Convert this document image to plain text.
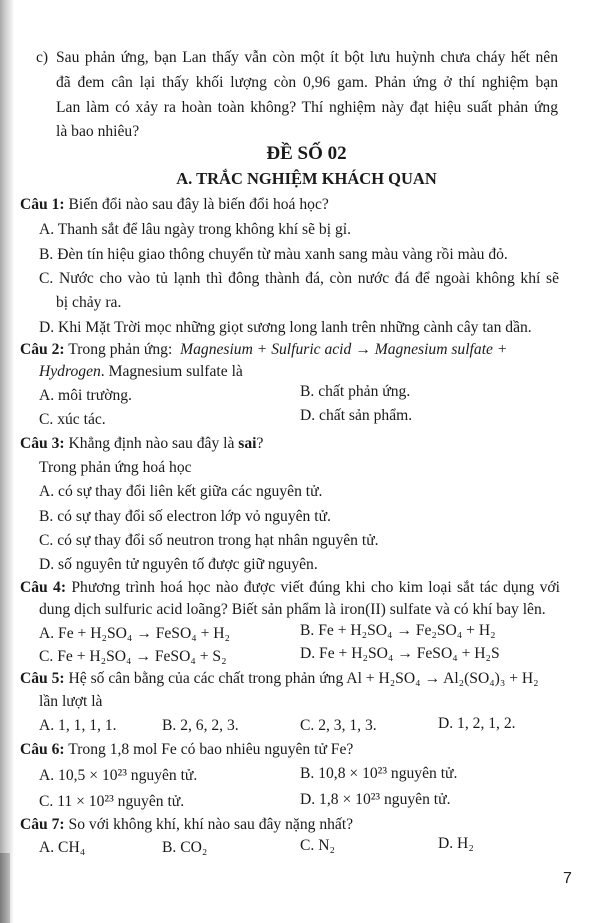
c) Sau phản ứng, bạn Lan thấy vẫn còn một ít bột lưu huỳnh chưa cháy hết nên
đã đem cân lại thấy khối lượng còn 0,96 gam. Phản ứng ở thí nghiệm bạn
Lan làm có xảy ra hoàn toàn không? Thí nghiệm này đạt hiệu suất phản ứng
là bao nhiêu?
ĐỀ SỐ 02
A. TRẮC NGHIỆM KHÁCH QUAN
Câu 1: Biến đổi nào sau đây là biến đổi hoá học?
A. Thanh sắt để lâu ngày trong không khí sẽ bị gỉ.
B. Đèn tín hiệu giao thông chuyển từ màu xanh sang màu vàng rồi màu đỏ.
C. Nước cho vào tủ lạnh thì đông thành đá, còn nước đá để ngoài không khí sẽ
bị chảy ra.
D. Khi Mặt Trời mọc những giọt sương long lanh trên những cành cây tan dần.
Câu 2: Trong phản ứng: Magnesium + Sulfuric acid → Magnesium sulfate +
Hydrogen. Magnesium sulfate là
A. môi trường.	B. chất phản ứng.
C. xúc tác.	D. chất sản phẩm.
Câu 3: Khẳng định nào sau đây là sai?
Trong phản ứng hoá học
A. có sự thay đổi liên kết giữa các nguyên tử.
B. có sự thay đổi số electron lớp vỏ nguyên tử.
C. có sự thay đổi số neutron trong hạt nhân nguyên tử.
D. số nguyên tử nguyên tố được giữ nguyên.
Câu 4: Phương trình hoá học nào được viết đúng khi cho kim loại sắt tác dụng với
dung dịch sulfuric acid loãng? Biết sản phẩm là iron(II) sulfate và có khí bay lên.
A. Fe + H₂SO₄ → FeSO₄ + H₂	B. Fe + H₂SO₄ → Fe₂SO₄ + H₂
C. Fe + H₂SO₄ → FeSO₄ + S₂	D. Fe + H₂SO₄ → FeSO₄ + H₂S
Câu 5: Hệ số cân bằng của các chất trong phản ứng Al + H₂SO₄ → Al₂(SO₄)₃ + H₂
lần lượt là
A. 1, 1, 1, 1.	B. 2, 6, 2, 3.	C. 2, 3, 1, 3.	D. 1, 2, 1, 2.
Câu 6: Trong 1,8 mol Fe có bao nhiêu nguyên tử Fe?
A. 10,5 × 10²³ nguyên tử.	B. 10,8 × 10²³ nguyên tử.
C. 11 × 10²³ nguyên tử.	D. 1,8 × 10²³ nguyên tử.
Câu 7: So với không khí, khí nào sau đây nặng nhất?
A. CH₄	B. CO₂	C. N₂	D. H₂
7
